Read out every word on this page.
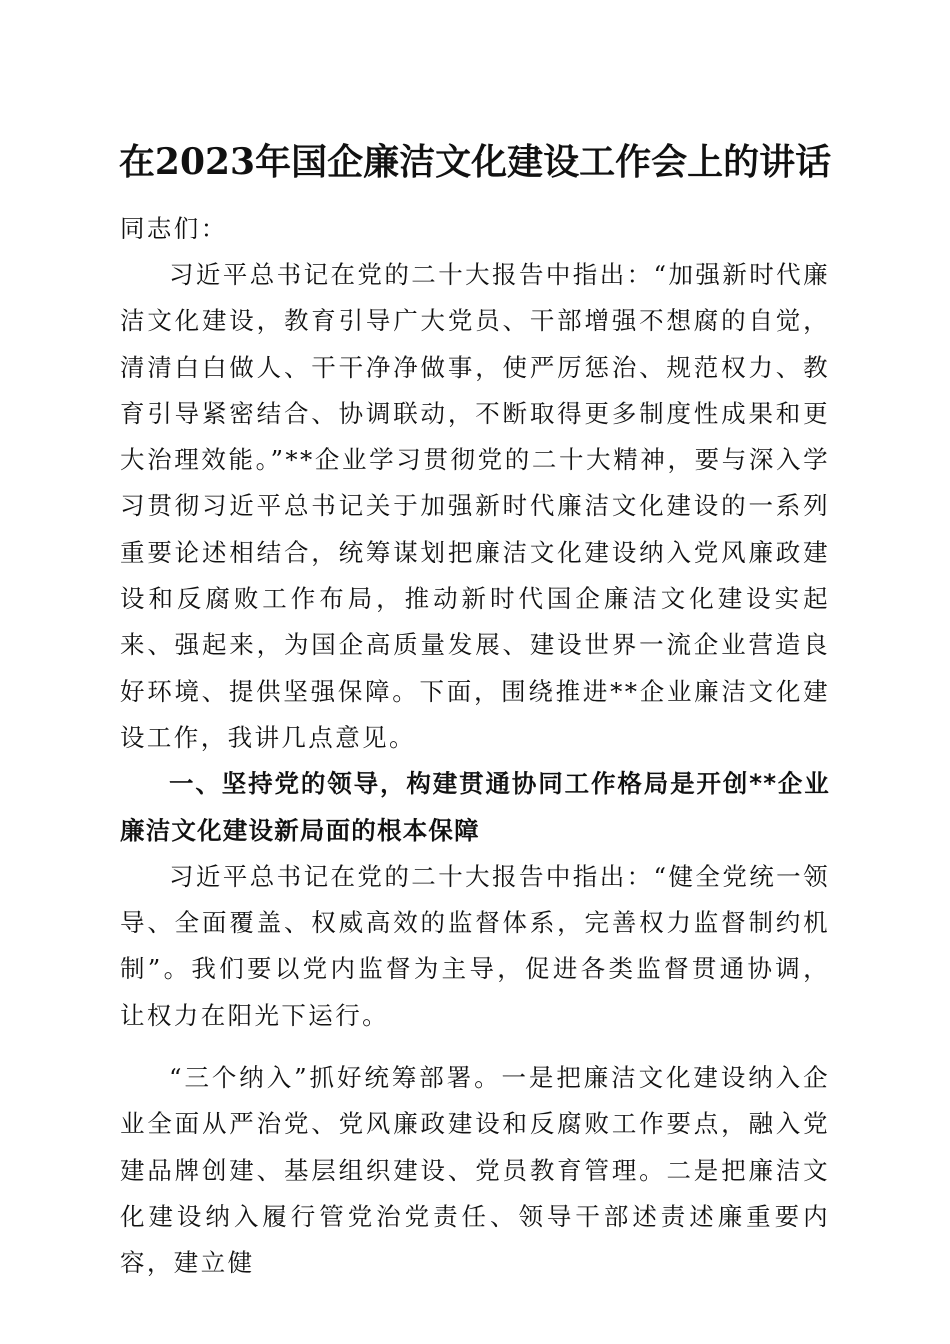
在2023年国企廉洁文化建设工作会上的讲话
同志们：

习近平总书记在党的二十大报告中指出：“加强新时代廉洁文化建设，教育引导广大党员、干部增强不想腐的自觉，清清白白做人、干干净净做事，使严厉惩治、规范权力、教育引导紧密结合、协调联动，不断取得更多制度性成果和更大治理效能。”**企业学习贯彻党的二十大精神，要与深入学习贯彻习近平总书记关于加强新时代廉洁文化建设的一系列重要论述相结合，统筹谋划把廉洁文化建设纳入党风廉政建设和反腐败工作布局，推动新时代国企廉洁文化建设实起来、强起来，为国企高质量发展、建设世界一流企业营造良好环境、提供坚强保障。下面，围绕推进**企业廉洁文化建设工作，我讲几点意见。

一、坚持党的领导，构建贯通协同工作格局是开创**企业廉洁文化建设新局面的根本保障

习近平总书记在党的二十大报告中指出：“健全党统一领导、全面覆盖、权威高效的监督体系，完善权力监督制约机制”。我们要以党内监督为主导，促进各类监督贯通协调，让权力在阳光下运行。

“三个纳入”抓好统筹部署。一是把廉洁文化建设纳入企业全面从严治党、党风廉政建设和反腐败工作要点，融入党建品牌创建、基层组织建设、党员教育管理。二是把廉洁文化建设纳入履行管党治党责任、领导干部述责述廉重要内容，建立健
